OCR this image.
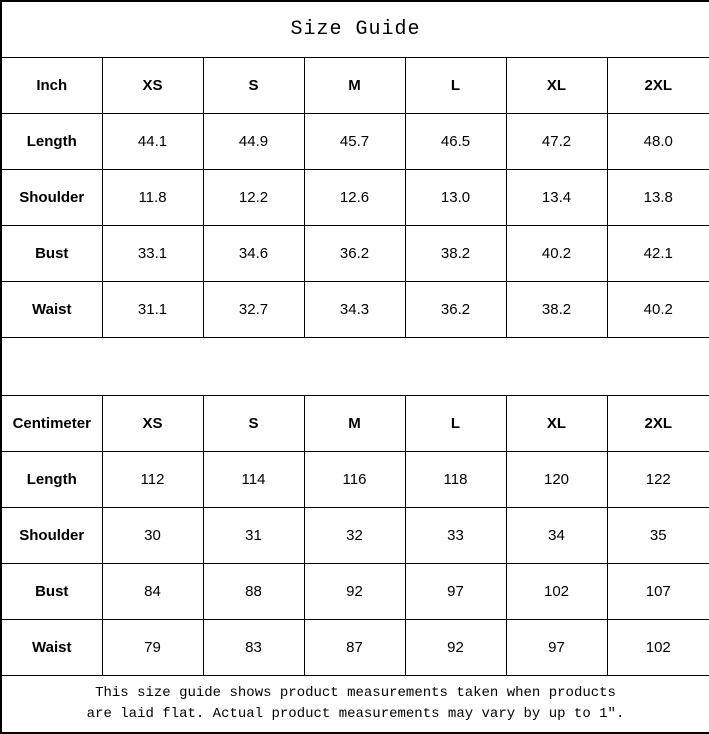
Size Guide						
Inch	XS	S	M	L	XL	2XL
Length	44.1	44.9	45.7	46.5	47.2	48.0
Shoulder	11.8	12.2	12.6	13.0	13.4	13.8
Bust	33.1	34.6	36.2	38.2	40.2	42.1
Waist	31.1	32.7	34.3	36.2	38.2	40.2

Centimeter	XS	S	M	L	XL	2XL
Length	112	114	116	118	120	122
Shoulder	30	31	32	33	34	35
Bust	84	88	92	97	102	107
Waist	79	83	87	92	97	102

This size guide shows product measurements taken when products
are laid flat. Actual product measurements may vary by up to 1″.						
